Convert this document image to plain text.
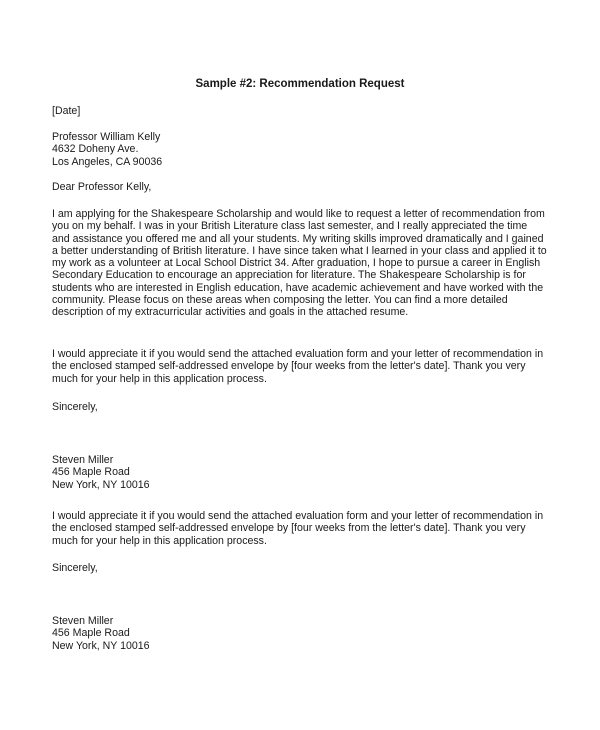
Sample #2: Recommendation Request

[Date]

Professor William Kelly
4632 Doheny Ave.
Los Angeles, CA 90036

Dear Professor Kelly,

I am applying for the Shakespeare Scholarship and would like to request a letter of recommendation from
you on my behalf. I was in your British Literature class last semester, and I really appreciated the time
and assistance you offered me and all your students. My writing skills improved dramatically and I gained
a better understanding of British literature. I have since taken what I learned in your class and applied it to
my work as a volunteer at Local School District 34. After graduation, I hope to pursue a career in English
Secondary Education to encourage an appreciation for literature. The Shakespeare Scholarship is for
students who are interested in English education, have academic achievement and have worked with the
community. Please focus on these areas when composing the letter. You can find a more detailed
description of my extracurricular activities and goals in the attached resume.

I would appreciate it if you would send the attached evaluation form and your letter of recommendation in
the enclosed stamped self-addressed envelope by [four weeks from the letter's date]. Thank you very
much for your help in this application process.

Sincerely,

Steven Miller
456 Maple Road
New York, NY 10016

I would appreciate it if you would send the attached evaluation form and your letter of recommendation in
the enclosed stamped self-addressed envelope by [four weeks from the letter's date]. Thank you very
much for your help in this application process.

Sincerely,

Steven Miller
456 Maple Road
New York, NY 10016
